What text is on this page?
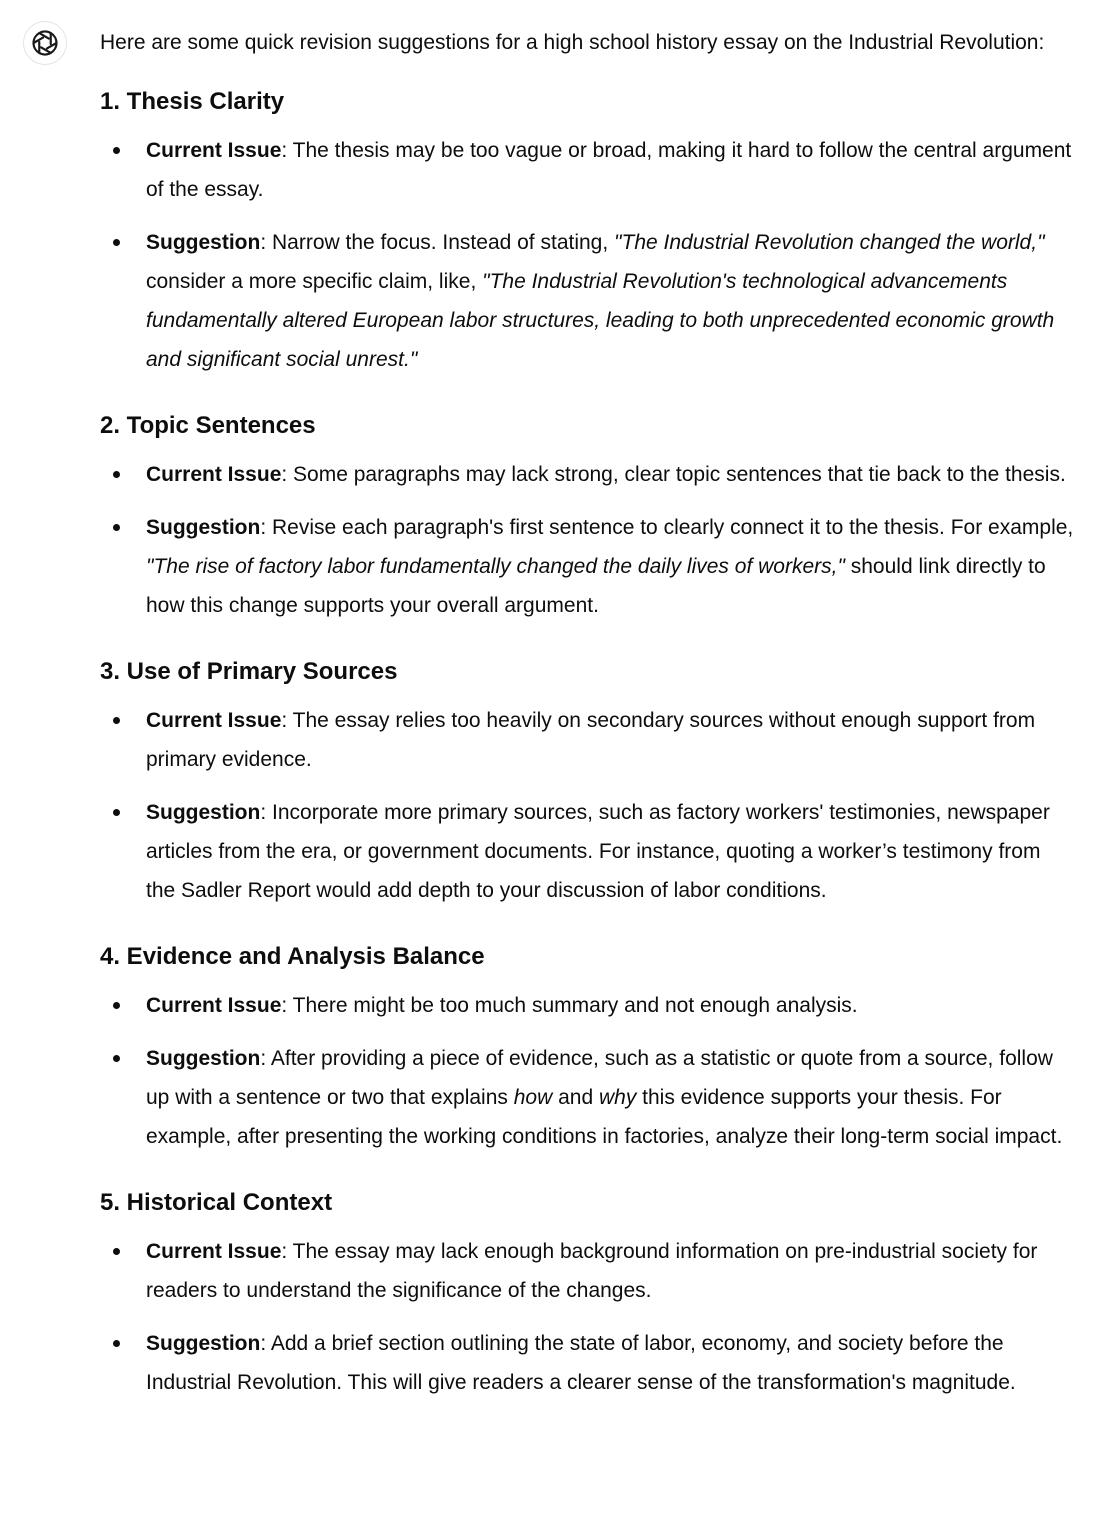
Here are some quick revision suggestions for a high school history essay on the Industrial Revolution:

1. Thesis Clarity
Current Issue: The thesis may be too vague or broad, making it hard to follow the central argument of the essay.
Suggestion: Narrow the focus. Instead of stating, "The Industrial Revolution changed the world," consider a more specific claim, like, "The Industrial Revolution's technological advancements fundamentally altered European labor structures, leading to both unprecedented economic growth and significant social unrest."
2. Topic Sentences
Current Issue: Some paragraphs may lack strong, clear topic sentences that tie back to the thesis.
Suggestion: Revise each paragraph's first sentence to clearly connect it to the thesis. For example, "The rise of factory labor fundamentally changed the daily lives of workers," should link directly to how this change supports your overall argument.
3. Use of Primary Sources
Current Issue: The essay relies too heavily on secondary sources without enough support from primary evidence.
Suggestion: Incorporate more primary sources, such as factory workers' testimonies, newspaper articles from the era, or government documents. For instance, quoting a worker’s testimony from the Sadler Report would add depth to your discussion of labor conditions.
4. Evidence and Analysis Balance
Current Issue: There might be too much summary and not enough analysis.
Suggestion: After providing a piece of evidence, such as a statistic or quote from a source, follow up with a sentence or two that explains how and why this evidence supports your thesis. For example, after presenting the working conditions in factories, analyze their long-term social impact.
5. Historical Context
Current Issue: The essay may lack enough background information on pre-industrial society for readers to understand the significance of the changes.
Suggestion: Add a brief section outlining the state of labor, economy, and society before the Industrial Revolution. This will give readers a clearer sense of the transformation's magnitude.
